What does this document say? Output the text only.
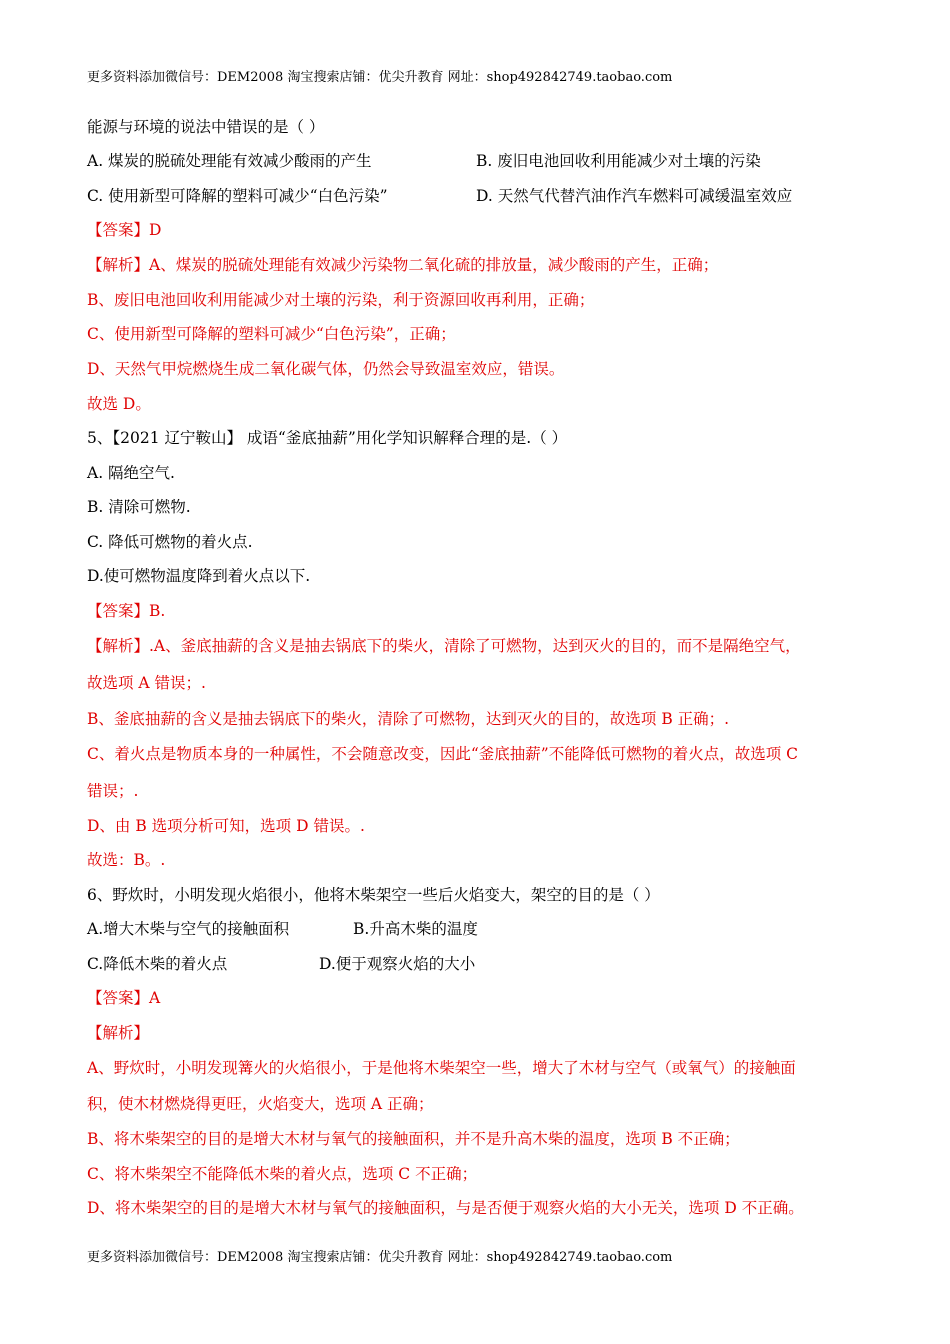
更多资料添加微信号：DEM2008 淘宝搜索店铺：优尖升教育 网址：shop492842749.taobao.com
能源与环境的说法中错误的是（ ）
A. 煤炭的脱硫处理能有效减少酸雨的产生	B. 废旧电池回收利用能减少对土壤的污染
C. 使用新型可降解的塑料可减少“白色污染”	D. 天然气代替汽油作汽车燃料可减缓温室效应
【答案】D
【解析】A、煤炭的脱硫处理能有效减少污染物二氧化硫的排放量，减少酸雨的产生，正确；
B、废旧电池回收利用能减少对土壤的污染，利于资源回收再利用，正确；
C、使用新型可降解的塑料可减少“白色污染”，正确；
D、天然气甲烷燃烧生成二氧化碳气体，仍然会导致温室效应，错误。
故选 D。
5、【2021 辽宁鞍山】 成语“釜底抽薪”用化学知识解释合理的是.（ ）
A. 隔绝空气.
B. 清除可燃物.
C. 降低可燃物的着火点.
D.使可燃物温度降到着火点以下.
【答案】B.
【解析】.A、釜底抽薪的含义是抽去锅底下的柴火，清除了可燃物，达到灭火的目的，而不是隔绝空气，
故选项 A 错误；.
B、釜底抽薪的含义是抽去锅底下的柴火，清除了可燃物，达到灭火的目的，故选项 B 正确；.
C、着火点是物质本身的一种属性，不会随意改变，因此“釜底抽薪”不能降低可燃物的着火点，故选项 C
错误；.
D、由 B 选项分析可知，选项 D 错误。.
故选：B。.
6、野炊时，小明发现火焰很小，他将木柴架空一些后火焰变大，架空的目的是（ ）
A.增大木柴与空气的接触面积	B.升高木柴的温度
C.降低木柴的着火点	D.便于观察火焰的大小
【答案】A
【解析】
A、野炊时，小明发现篝火的火焰很小，于是他将木柴架空一些，增大了木材与空气（或氧气）的接触面
积，使木材燃烧得更旺，火焰变大，选项 A 正确；
B、将木柴架空的目的是增大木材与氧气的接触面积，并不是升高木柴的温度，选项 B 不正确；
C、将木柴架空不能降低木柴的着火点，选项 C 不正确；
D、将木柴架空的目的是增大木材与氧气的接触面积，与是否便于观察火焰的大小无关，选项 D 不正确。
更多资料添加微信号：DEM2008 淘宝搜索店铺：优尖升教育 网址：shop492842749.taobao.com
